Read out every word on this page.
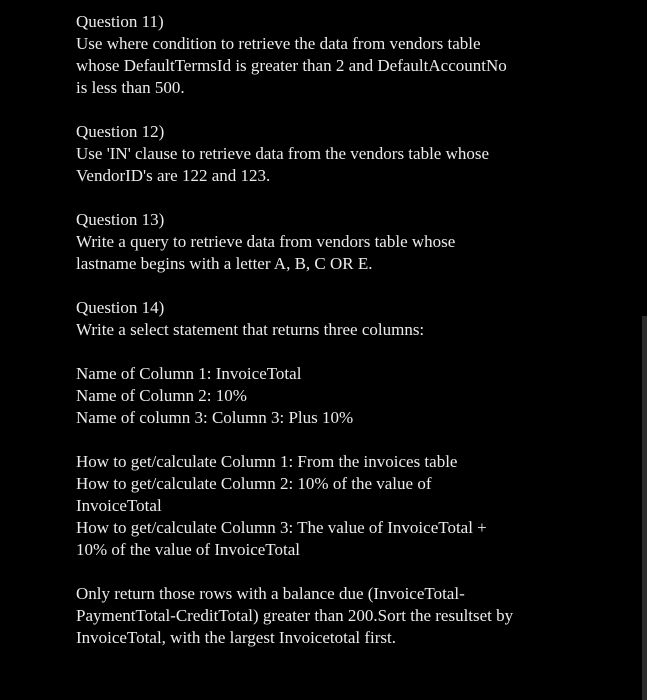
Question 11)

Use where condition to retrieve the data from vendors table

whose DefaultTermsId is greater than 2 and DefaultAccountNo

is less than 500.

Question 12)

Use 'IN' clause to retrieve data from the vendors table whose

VendorID's are 122 and 123.

Question 13)

Write a query to retrieve data from vendors table whose

lastname begins with a letter A, B, C OR E.

Question 14)

Write a select statement that returns three columns:

Name of Column 1: InvoiceTotal

Name of Column 2: 10%

Name of column 3: Column 3: Plus 10%

How to get/calculate Column 1: From the invoices table

How to get/calculate Column 2: 10% of the value of

InvoiceTotal

How to get/calculate Column 3: The value of InvoiceTotal +

10% of the value of InvoiceTotal

Only return those rows with a balance due (InvoiceTotal-

PaymentTotal-CreditTotal) greater than 200.Sort the resultset by

InvoiceTotal, with the largest Invoicetotal first.
